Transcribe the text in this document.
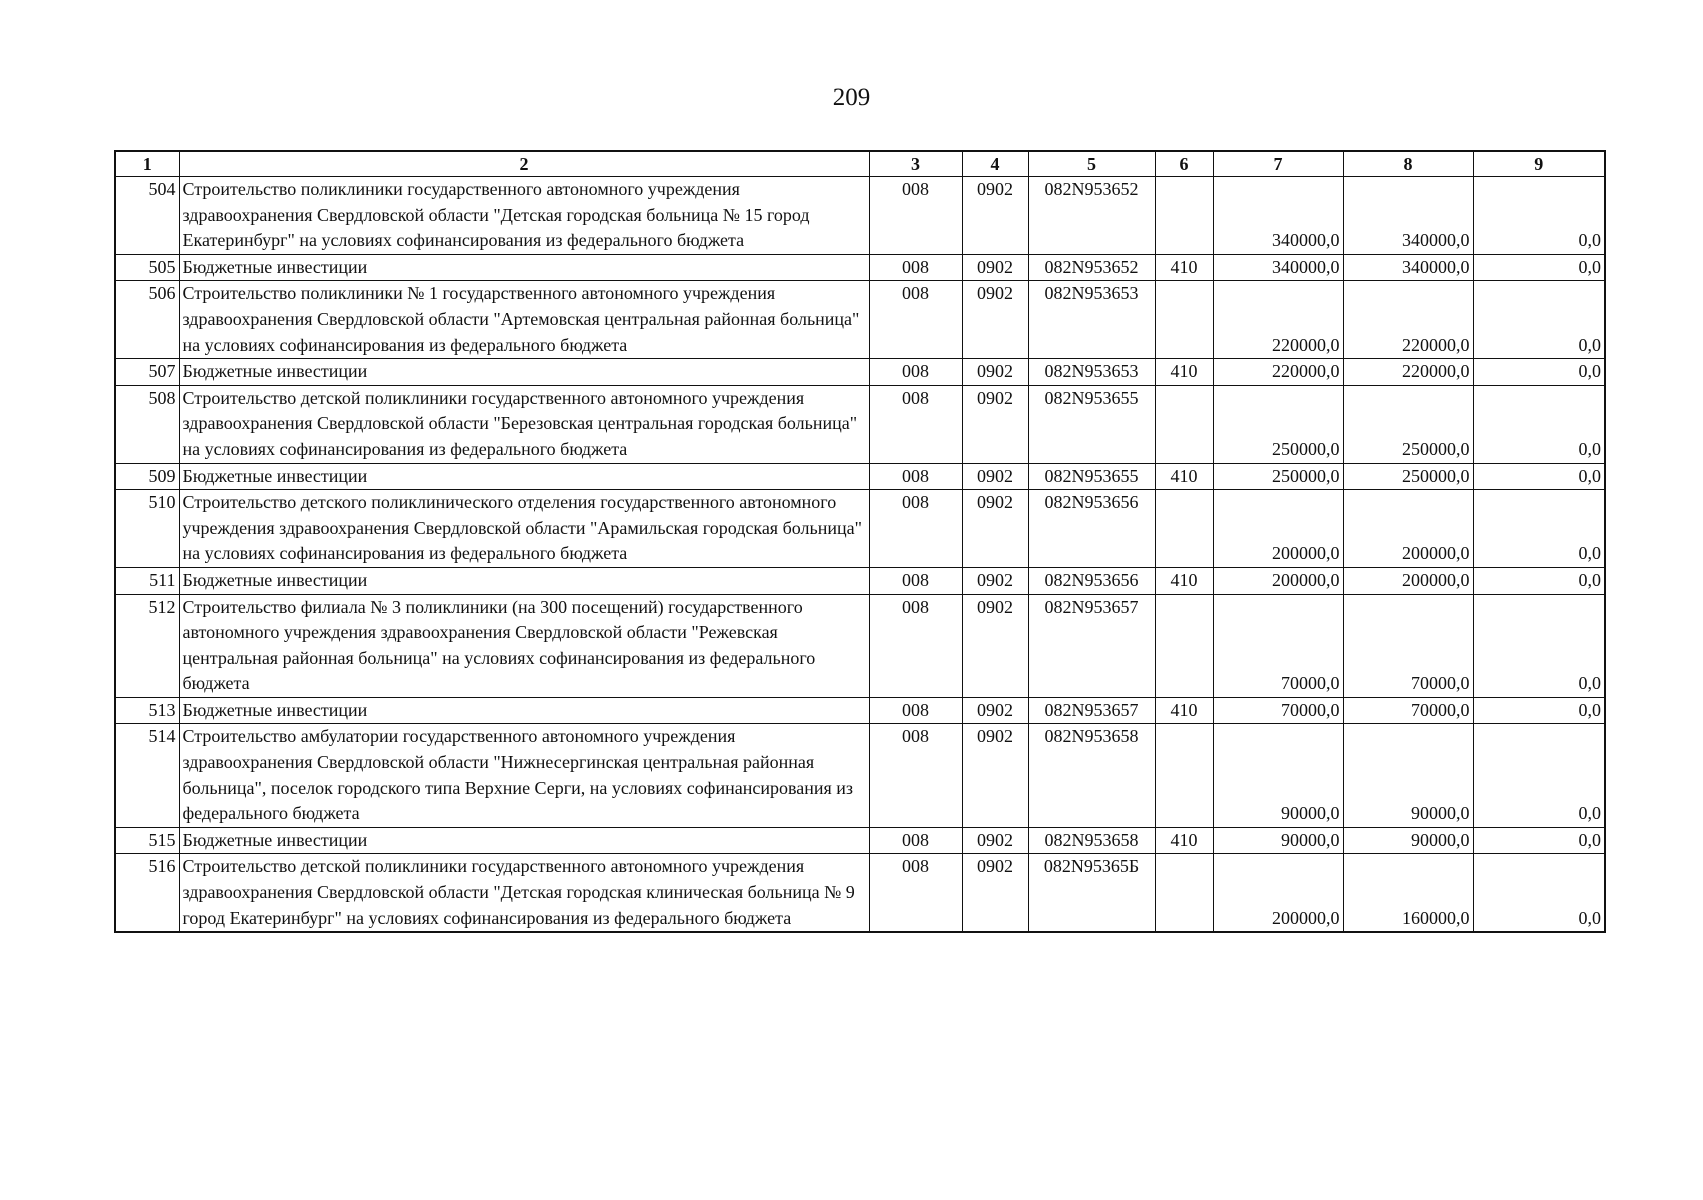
209
1	2	3	4	5	6	7	8	9
504	Строительство поликлиники государственного автономного учреждения здравоохранения Свердловской области "Детская городская больница № 15 город Екатеринбург" на условиях софинансирования из федерального бюджета	008	0902	082N953652		340000,0	340000,0	0,0
505	Бюджетные инвестиции	008	0902	082N953652	410	340000,0	340000,0	0,0
506	Строительство поликлиники № 1 государственного автономного учреждения здравоохранения Свердловской области "Артемовская центральная районная больница" на условиях софинансирования из федерального бюджета	008	0902	082N953653		220000,0	220000,0	0,0
507	Бюджетные инвестиции	008	0902	082N953653	410	220000,0	220000,0	0,0
508	Строительство детской поликлиники государственного автономного учреждения здравоохранения Свердловской области "Березовская центральная городская больница" на условиях софинансирования из федерального бюджета	008	0902	082N953655		250000,0	250000,0	0,0
509	Бюджетные инвестиции	008	0902	082N953655	410	250000,0	250000,0	0,0
510	Строительство детского поликлинического отделения государственного автономного учреждения здравоохранения Свердловской области "Арамильская городская больница" на условиях софинансирования из федерального бюджета	008	0902	082N953656		200000,0	200000,0	0,0
511	Бюджетные инвестиции	008	0902	082N953656	410	200000,0	200000,0	0,0
512	Строительство филиала № 3 поликлиники (на 300 посещений) государственного автономного учреждения здравоохранения Свердловской области "Режевская центральная районная больница" на условиях софинансирования из федерального бюджета	008	0902	082N953657		70000,0	70000,0	0,0
513	Бюджетные инвестиции	008	0902	082N953657	410	70000,0	70000,0	0,0
514	Строительство амбулатории государственного автономного учреждения здравоохранения Свердловской области "Нижнесергинская центральная районная больница", поселок городского типа Верхние Серги, на условиях софинансирования из федерального бюджета	008	0902	082N953658		90000,0	90000,0	0,0
515	Бюджетные инвестиции	008	0902	082N953658	410	90000,0	90000,0	0,0
516	Строительство детской поликлиники государственного автономного учреждения здравоохранения Свердловской области "Детская городская клиническая больница № 9 город Екатеринбург" на условиях софинансирования из федерального бюджета	008	0902	082N95365Б		200000,0	160000,0	0,0
